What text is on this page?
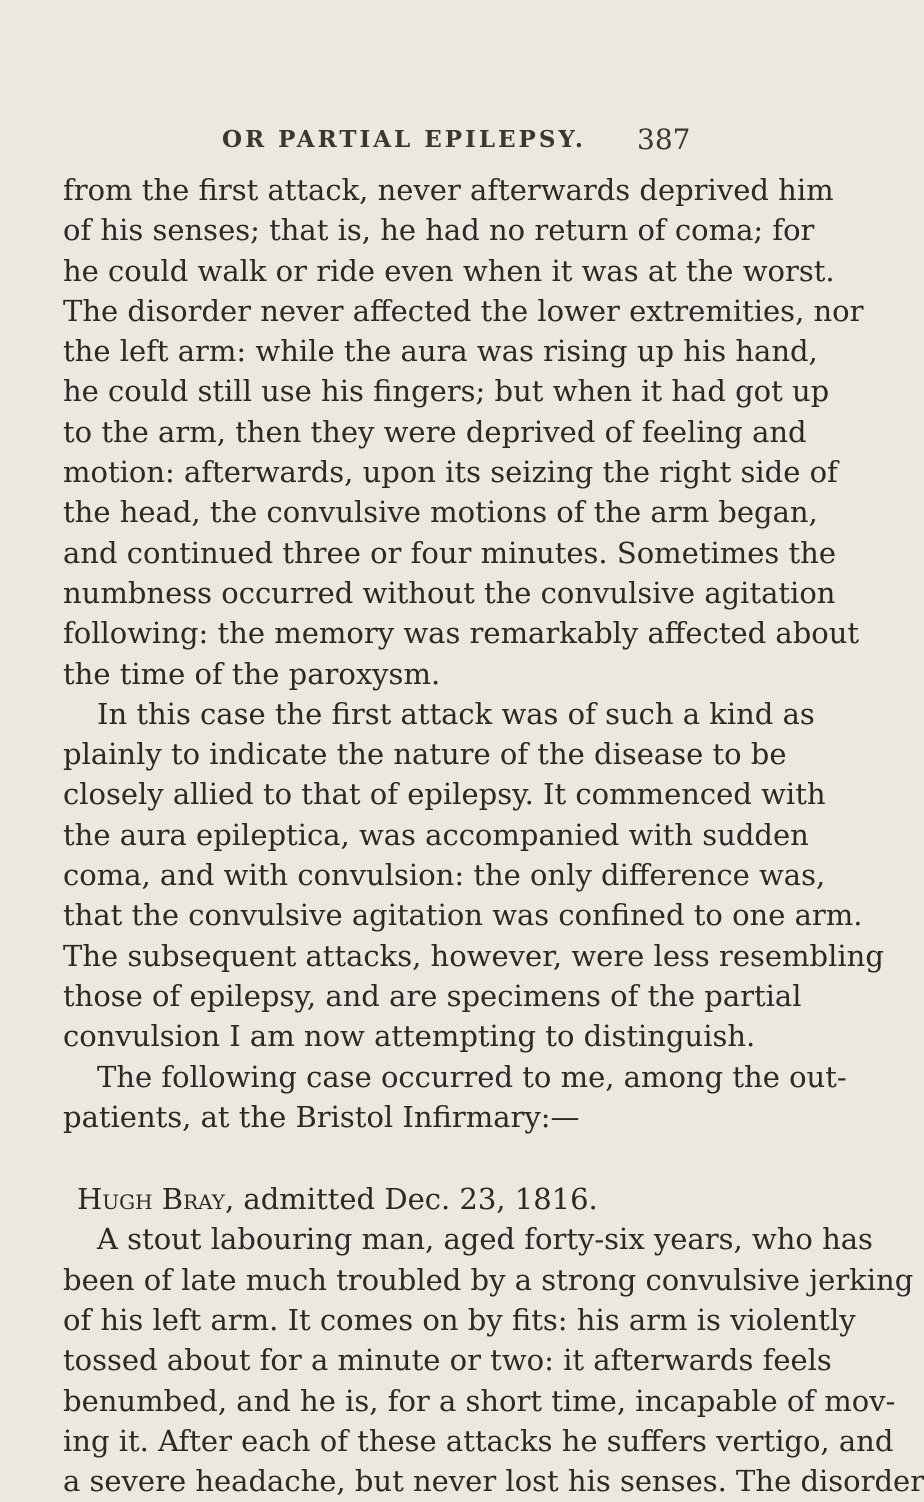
OR PARTIAL EPILEPSY. 387
from the first attack, never afterwards deprived him
of his senses; that is, he had no return of coma; for
he could walk or ride even when it was at the worst.
The disorder never affected the lower extremities, nor
the left arm: while the aura was rising up his hand,
he could still use his fingers; but when it had got up
to the arm, then they were deprived of feeling and
motion: afterwards, upon its seizing the right side of
the head, the convulsive motions of the arm began,
and continued three or four minutes. Sometimes the
numbness occurred without the convulsive agitation
following: the memory was remarkably affected about
the time of the paroxysm.
In this case the first attack was of such a kind as
plainly to indicate the nature of the disease to be
closely allied to that of epilepsy. It commenced with
the aura epileptica, was accompanied with sudden
coma, and with convulsion: the only difference was,
that the convulsive agitation was confined to one arm.
The subsequent attacks, however, were less resembling
those of epilepsy, and are specimens of the partial
convulsion I am now attempting to distinguish.
The following case occurred to me, among the out-
patients, at the Bristol Infirmary:—
Hugh Bray, admitted Dec. 23, 1816.
A stout labouring man, aged forty-six years, who has
been of late much troubled by a strong convulsive jerking
of his left arm. It comes on by fits: his arm is violently
tossed about for a minute or two: it afterwards feels
benumbed, and he is, for a short time, incapable of mov-
ing it. After each of these attacks he suffers vertigo, and
a severe headache, but never lost his senses. The disorder
